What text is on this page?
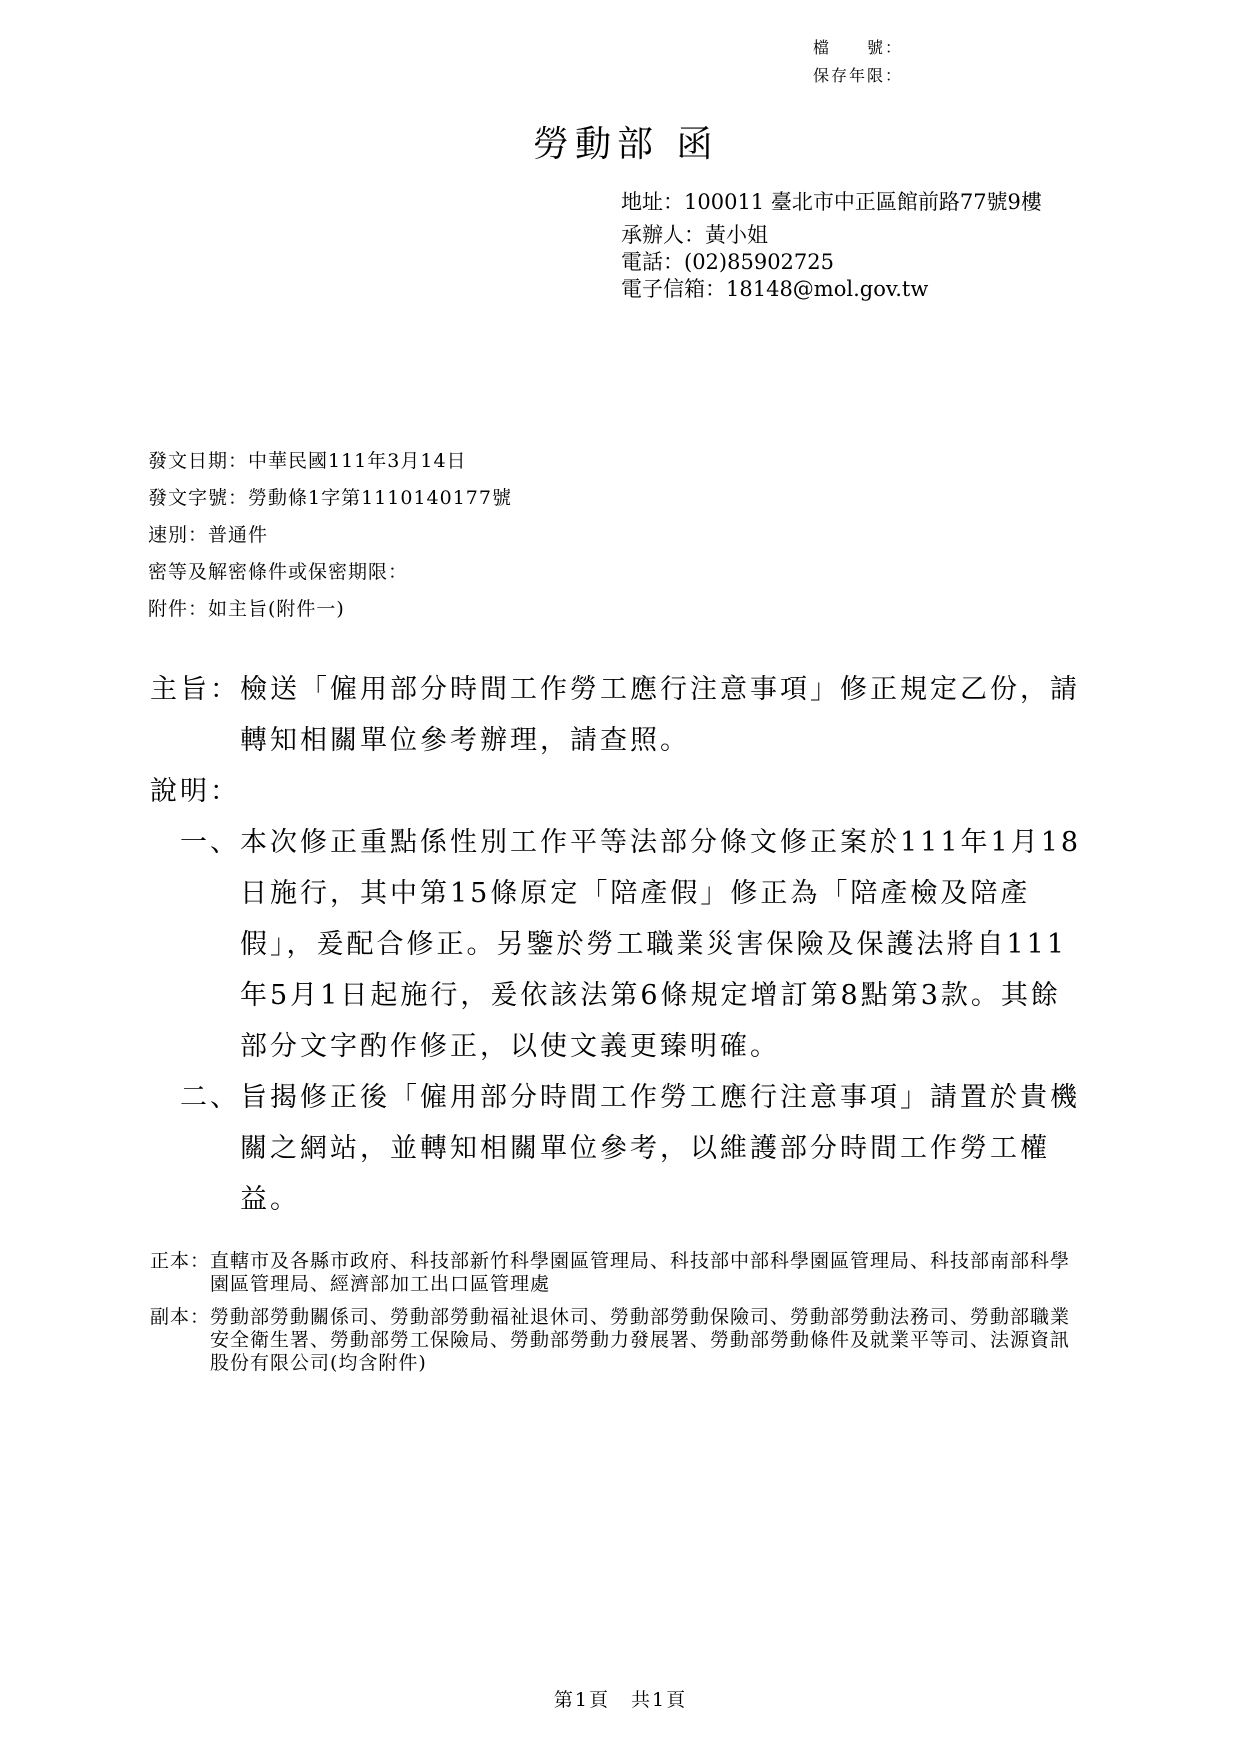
檔　　號：
保存年限：
勞動部 函
地址：100011 臺北市中正區館前路77號9樓
承辦人：黃小姐
電話：(02)85902725
電子信箱：18148@mol.gov.tw
發文日期：中華民國111年3月14日
發文字號：勞動條1字第1110140177號
速別：普通件
密等及解密條件或保密期限：
附件：如主旨(附件一)
主旨： 檢送「僱用部分時間工作勞工應行注意事項」修正規定乙份，請轉知相關單位參考辦理，請查照。
說明：
一、 本次修正重點係性別工作平等法部分條文修正案於111年1月18日施行，其中第15條原定「陪產假」修正為「陪產檢及陪產假」，爰配合修正。另鑒於勞工職業災害保險及保護法將自111年5月1日起施行，爰依該法第6條規定增訂第8點第3款。其餘部分文字酌作修正，以使文義更臻明確。
二、 旨揭修正後「僱用部分時間工作勞工應行注意事項」請置於貴機關之網站，並轉知相關單位參考，以維護部分時間工作勞工權益。
正本： 直轄市及各縣市政府、科技部新竹科學園區管理局、科技部中部科學園區管理局、科技部南部科學園區管理局、經濟部加工出口區管理處
副本： 勞動部勞動關係司、勞動部勞動福祉退休司、勞動部勞動保險司、勞動部勞動法務司、勞動部職業安全衛生署、勞動部勞工保險局、勞動部勞動力發展署、勞動部勞動條件及就業平等司、法源資訊股份有限公司(均含附件)
第1頁　共1頁
